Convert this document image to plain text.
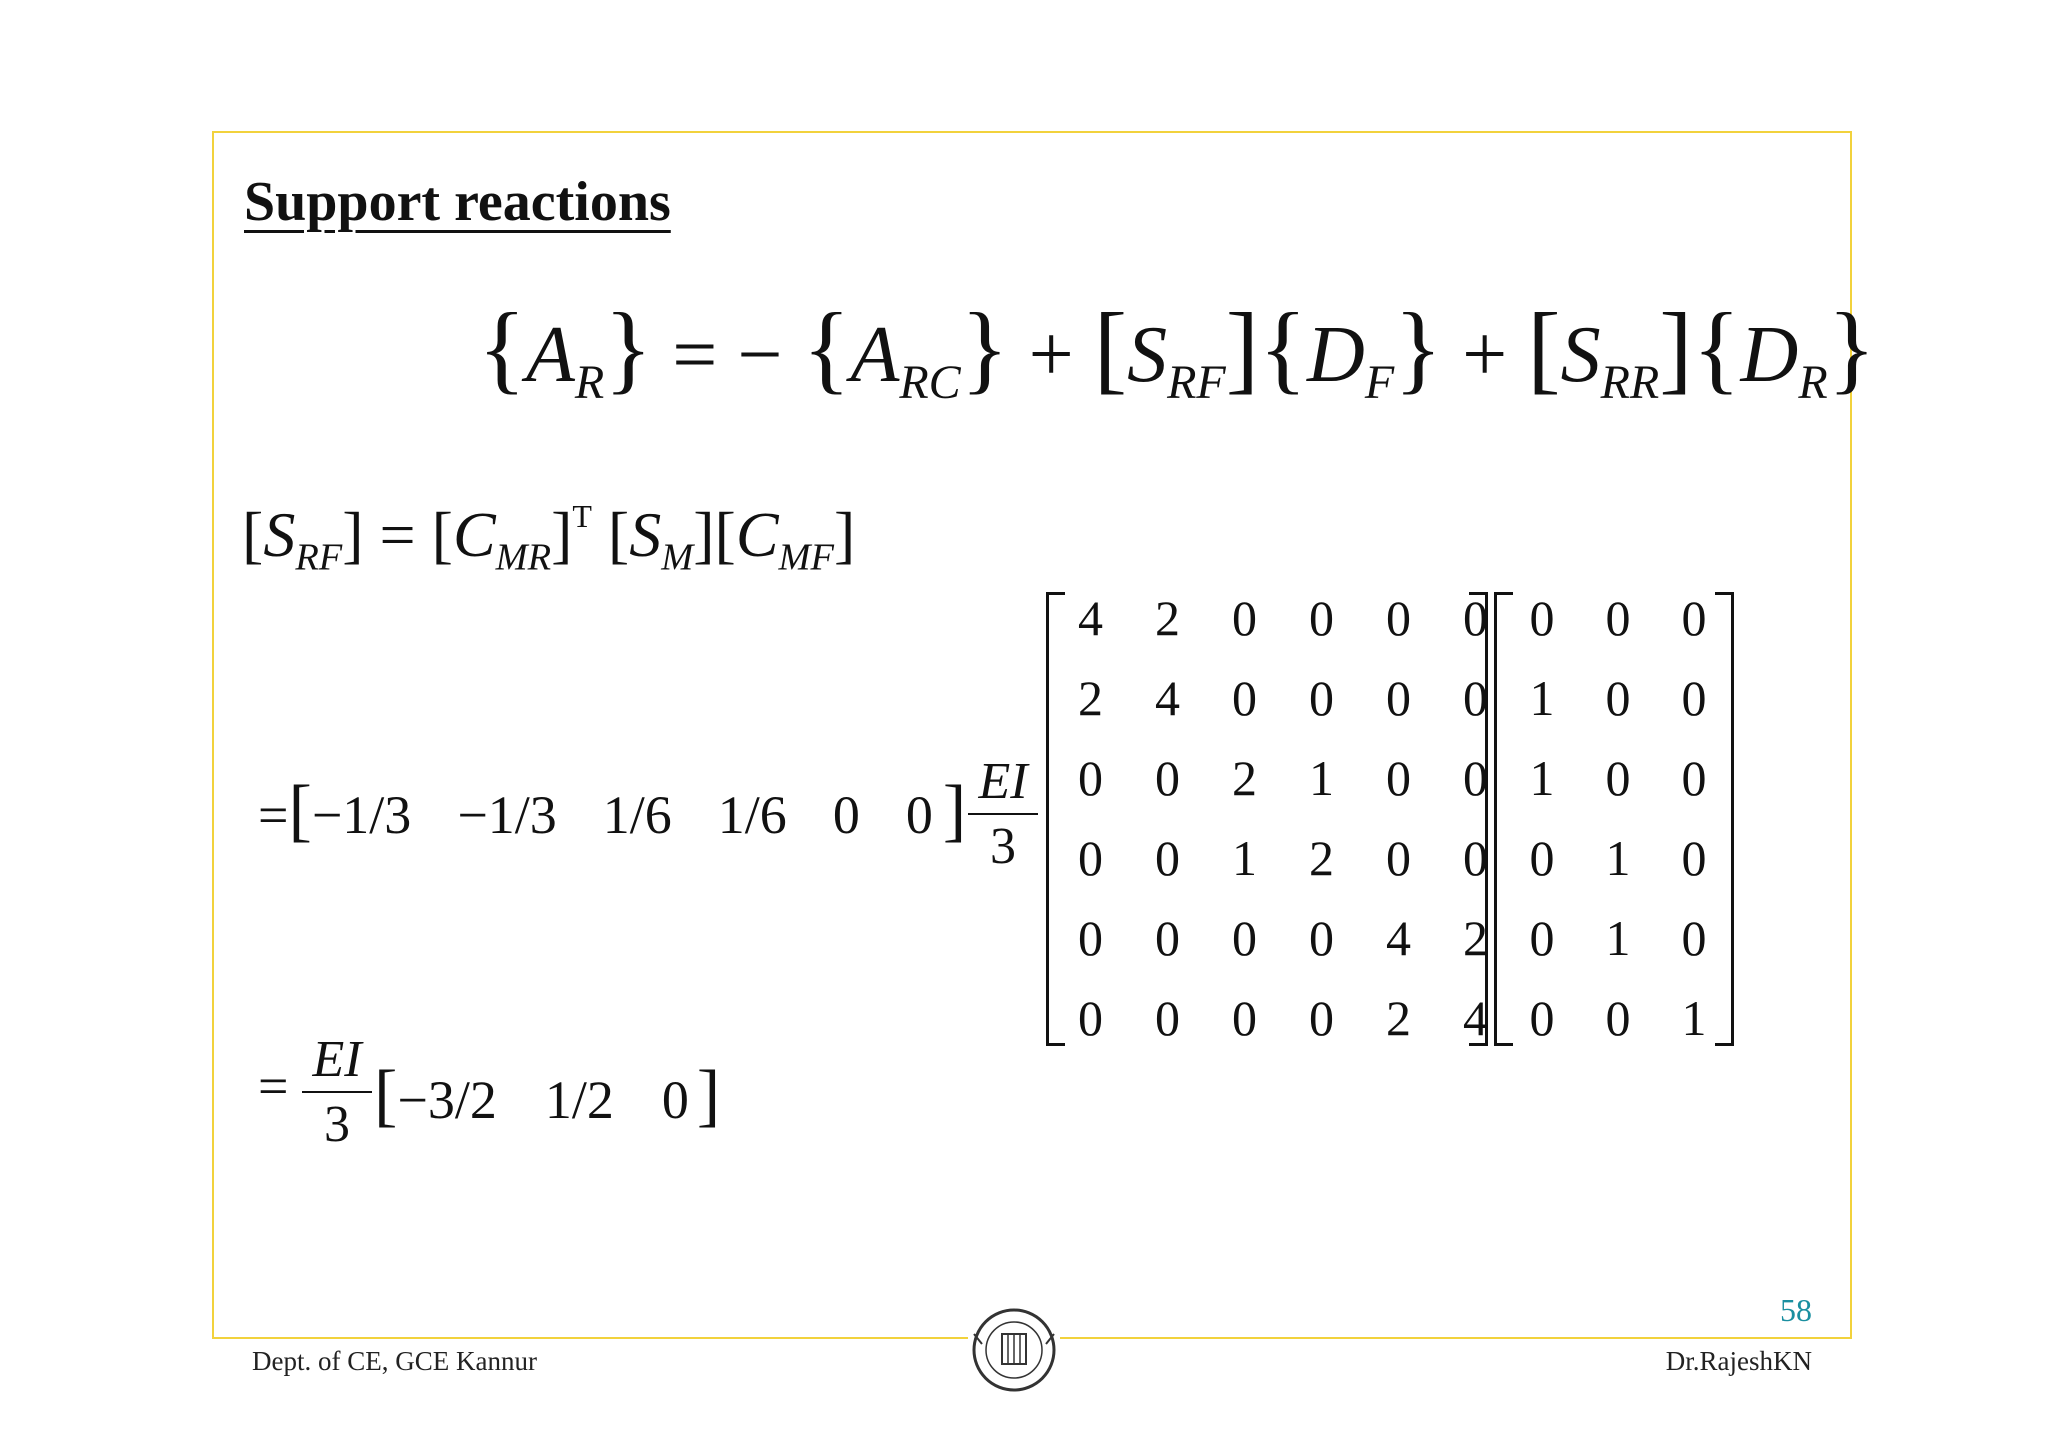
Support reactions
$\{A_R\}$ = − $\{A_{RC}\} + [S_{RF}]\{D_F\} + [S_{RR}]\{D_R\}$
$[S_{RF}] = [C_{MR}]^T$ $[S_M][C_{MF}]$
=[−1/3 −1/3 1/6 1/6 0 0 ] EI
3
4	2	0	0	0	0
2	4	0	0	0	0
0	0	2	1	0	0
0	0	1	2	0	0
0	0	0	0	4	2
0	0	0	0	2	4
0	0	0
1	0	0
1	0	0
0	1	0
0	1	0
0	0	1
= EI
3 [−3/2 1/2 0 ]
58
Dept. of CE, GCE Kannur	Dr.RajeshKN
